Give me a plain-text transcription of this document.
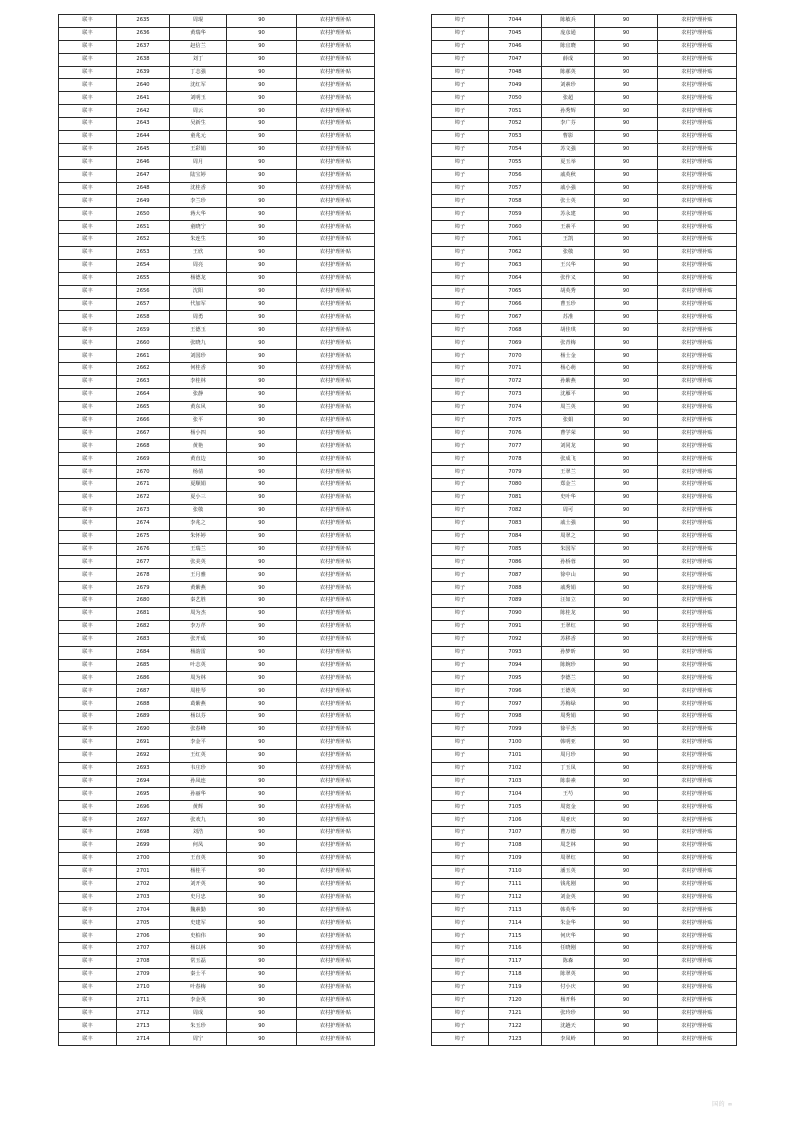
联丰	2635	周琨	90	农村护理补贴
联丰	2636	黄瑞华	90	农村护理补贴
联丰	2637	赵信兰	90	农村护理补贴
联丰	2638	刘丁	90	农村护理补贴
联丰	2639	丁志强	90	农村护理补贴
联丰	2640	沈红军	90	农村护理补贴
联丰	2641	刘明玉	90	农村护理补贴
联丰	2642	周云	90	农村护理补贴
联丰	2643	吴新生	90	农村护理补贴
联丰	2644	童兆元	90	农村护理补贴
联丰	2645	王彩娟	90	农村护理补贴
联丰	2646	周月	90	农村护理补贴
联丰	2647	陆宝婷	90	农村护理补贴
联丰	2648	沈桂香	90	农村护理补贴
联丰	2649	李兰珍	90	农村护理补贴
联丰	2650	蒋大华	90	农村护理补贴
联丰	2651	童晓宁	90	农村护理补贴
联丰	2652	朱连生	90	农村护理补贴
联丰	2653	王欣	90	农村护理补贴
联丰	2654	周亮	90	农村护理补贴
联丰	2655	杨德龙	90	农村护理补贴
联丰	2656	沈阳	90	农村护理补贴
联丰	2657	代加军	90	农村护理补贴
联丰	2658	周勇	90	农村护理补贴
联丰	2659	王德玉	90	农村护理补贴
联丰	2660	张晓九	90	农村护理补贴
联丰	2661	刘国珍	90	农村护理补贴
联丰	2662	何桂香	90	农村护理补贴
联丰	2663	李桂林	90	农村护理补贴
联丰	2664	张静	90	农村护理补贴
联丰	2665	黄东风	90	农村护理补贴
联丰	2666	张平	90	农村护理补贴
联丰	2667	杨小四	90	农村护理补贴
联丰	2668	黄艳	90	农村护理补贴
联丰	2669	黄直边	90	农村护理补贴
联丰	2670	杨倩	90	农村护理补贴
联丰	2671	夏顺娟	90	农村护理补贴
联丰	2672	夏小三	90	农村护理补贴
联丰	2673	张敬	90	农村护理补贴
联丰	2674	李兆之	90	农村护理补贴
联丰	2675	朱怀婷	90	农村护理补贴
联丰	2676	王瑞兰	90	农村护理补贴
联丰	2677	张美英	90	农村护理补贴
联丰	2678	王月雅	90	农村护理补贴
联丰	2679	黄紫燕	90	农村护理补贴
联丰	2680	秦艺胜	90	农村护理补贴
联丰	2681	周为杰	90	农村护理补贴
联丰	2682	李万芹	90	农村护理补贴
联丰	2683	张开成	90	农村护理补贴
联丰	2684	杨韵雷	90	农村护理补贴
联丰	2685	叶志英	90	农村护理补贴
联丰	2686	周为林	90	农村护理补贴
联丰	2687	周桂琴	90	农村护理补贴
联丰	2688	葛紫燕	90	农村护理补贴
联丰	2689	杨以芬	90	农村护理补贴
联丰	2690	张春峰	90	农村护理补贴
联丰	2691	李金平	90	农村护理补贴
联丰	2692	王红英	90	农村护理补贴
联丰	2693	韦庄珍	90	农村护理补贴
联丰	2694	孙凤连	90	农村护理补贴
联丰	2695	孙丽华	90	农村护理补贴
联丰	2696	黄辉	90	农村护理补贴
联丰	2697	张欢九	90	农村护理补贴
联丰	2698	刘浩	90	农村护理补贴
联丰	2699	何凤	90	农村护理补贴
联丰	2700	王直英	90	农村护理补贴
联丰	2701	杨桂平	90	农村护理补贴
联丰	2702	刘开英	90	农村护理补贴
联丰	2703	史月忠	90	农村护理补贴
联丰	2704	魏素勤	90	农村护理补贴
联丰	2705	史建军	90	农村护理补贴
联丰	2706	史柏伟	90	农村护理补贴
联丰	2707	杨以林	90	农村护理补贴
联丰	2708	常玉磊	90	农村护理补贴
联丰	2709	秦士平	90	农村护理补贴
联丰	2710	叶春梅	90	农村护理补贴
联丰	2711	李金英	90	农村护理补贴
联丰	2712	周成	90	农村护理补贴
联丰	2713	朱玉珍	90	农村护理补贴
联丰	2714	周宁	90	农村护理补贴
埠子	7044	陈敏兵	90	农村护理补贴
埠子	7045	庞彦通	90	农村护理补贴
埠子	7046	陈宜晓	90	农村护理补贴
埠子	7047	薛成	90	农村护理补贴
埠子	7048	陈郝英	90	农村护理补贴
埠子	7049	刘素珍	90	农村护理补贴
埠子	7050	张超	90	农村护理补贴
埠子	7051	孙秀辉	90	农村护理补贴
埠子	7052	李广芬	90	农村护理补贴
埠子	7053	曹影	90	农村护理补贴
埠子	7054	苏文强	90	农村护理补贴
埠子	7055	夏玉举	90	农村护理补贴
埠子	7056	戚英秋	90	农村护理补贴
埠子	7057	戚小强	90	农村护理补贴
埠子	7058	张士英	90	农村护理补贴
埠子	7059	苏永建	90	农村护理补贴
埠子	7060	王素平	90	农村护理补贴
埠子	7061	王凯	90	农村护理补贴
埠子	7062	张敬	90	农村护理补贴
埠子	7063	王兴华	90	农村护理补贴
埠子	7064	张作义	90	农村护理补贴
埠子	7065	胡英秀	90	农村护理补贴
埠子	7066	曹玉珍	90	农村护理补贴
埠子	7067	苏准	90	农村护理补贴
埠子	7068	胡佳琪	90	农村护理补贴
埠子	7069	张青梅	90	农村护理补贴
埠子	7070	杨士金	90	农村护理补贴
埠子	7071	杨心萌	90	农村护理补贴
埠子	7072	孙紫燕	90	农村护理补贴
埠子	7073	沈雁平	90	农村护理补贴
埠子	7074	周兰英	90	农村护理补贴
埠子	7075	张娟	90	农村护理补贴
埠子	7076	曹学荣	90	农村护理补贴
埠子	7077	刘同龙	90	农村护理补贴
埠子	7078	张成飞	90	农村护理补贴
埠子	7079	王翠兰	90	农村护理补贴
埠子	7080	郑金兰	90	农村护理补贴
埠子	7081	史叶华	90	农村护理补贴
埠子	7082	周可	90	农村护理补贴
埠子	7083	戚士强	90	农村护理补贴
埠子	7084	周翠之	90	农村护理补贴
埠子	7085	朱国军	90	农村护理补贴
埠子	7086	孙桥蓉	90	农村护理补贴
埠子	7087	徐中山	90	农村护理补贴
埠子	7088	戚秀娟	90	农村护理补贴
埠子	7089	汪如立	90	农村护理补贴
埠子	7090	陈桂龙	90	农村护理补贴
埠子	7091	王翠红	90	农村护理补贴
埠子	7092	苏移香	90	农村护理补贴
埠子	7093	孙梦昕	90	农村护理补贴
埠子	7094	陈婉珍	90	农村护理补贴
埠子	7095	李德兰	90	农村护理补贴
埠子	7096	王德英	90	农村护理补贴
埠子	7097	苏梅绿	90	农村护理补贴
埠子	7098	周秀娟	90	农村护理补贴
埠子	7099	徐平杰	90	农村护理补贴
埠子	7100	韩明亚	90	农村护理补贴
埠子	7101	周月珍	90	农村护理补贴
埠子	7102	丁玉凤	90	农村护理补贴
埠子	7103	陈泰素	90	农村护理补贴
埠子	7104	王芍	90	农村护理补贴
埠子	7105	周宽金	90	农村护理补贴
埠子	7106	周亚庆	90	农村护理补贴
埠子	7107	曹万德	90	农村护理补贴
埠子	7108	周芝林	90	农村护理补贴
埠子	7109	周翠红	90	农村护理补贴
埠子	7110	潘玉英	90	农村护理补贴
埠子	7111	钱兆刚	90	农村护理补贴
埠子	7112	刘金英	90	农村护理补贴
埠子	7113	韩英华	90	农村护理补贴
埠子	7114	朱金华	90	农村护理补贴
埠子	7115	何庆华	90	农村护理补贴
埠子	7116	任晓刚	90	农村护理补贴
埠子	7117	陈森	90	农村护理补贴
埠子	7118	陈翠英	90	农村护理补贴
埠子	7119	付小庆	90	农村护理补贴
埠子	7120	杨开科	90	农村护理补贴
埠子	7121	张玲珍	90	农村护理补贴
埠子	7122	沈趟天	90	农村护理补贴
埠子	7123	李凤岭	90	农村护理补贴
国的 ∞
